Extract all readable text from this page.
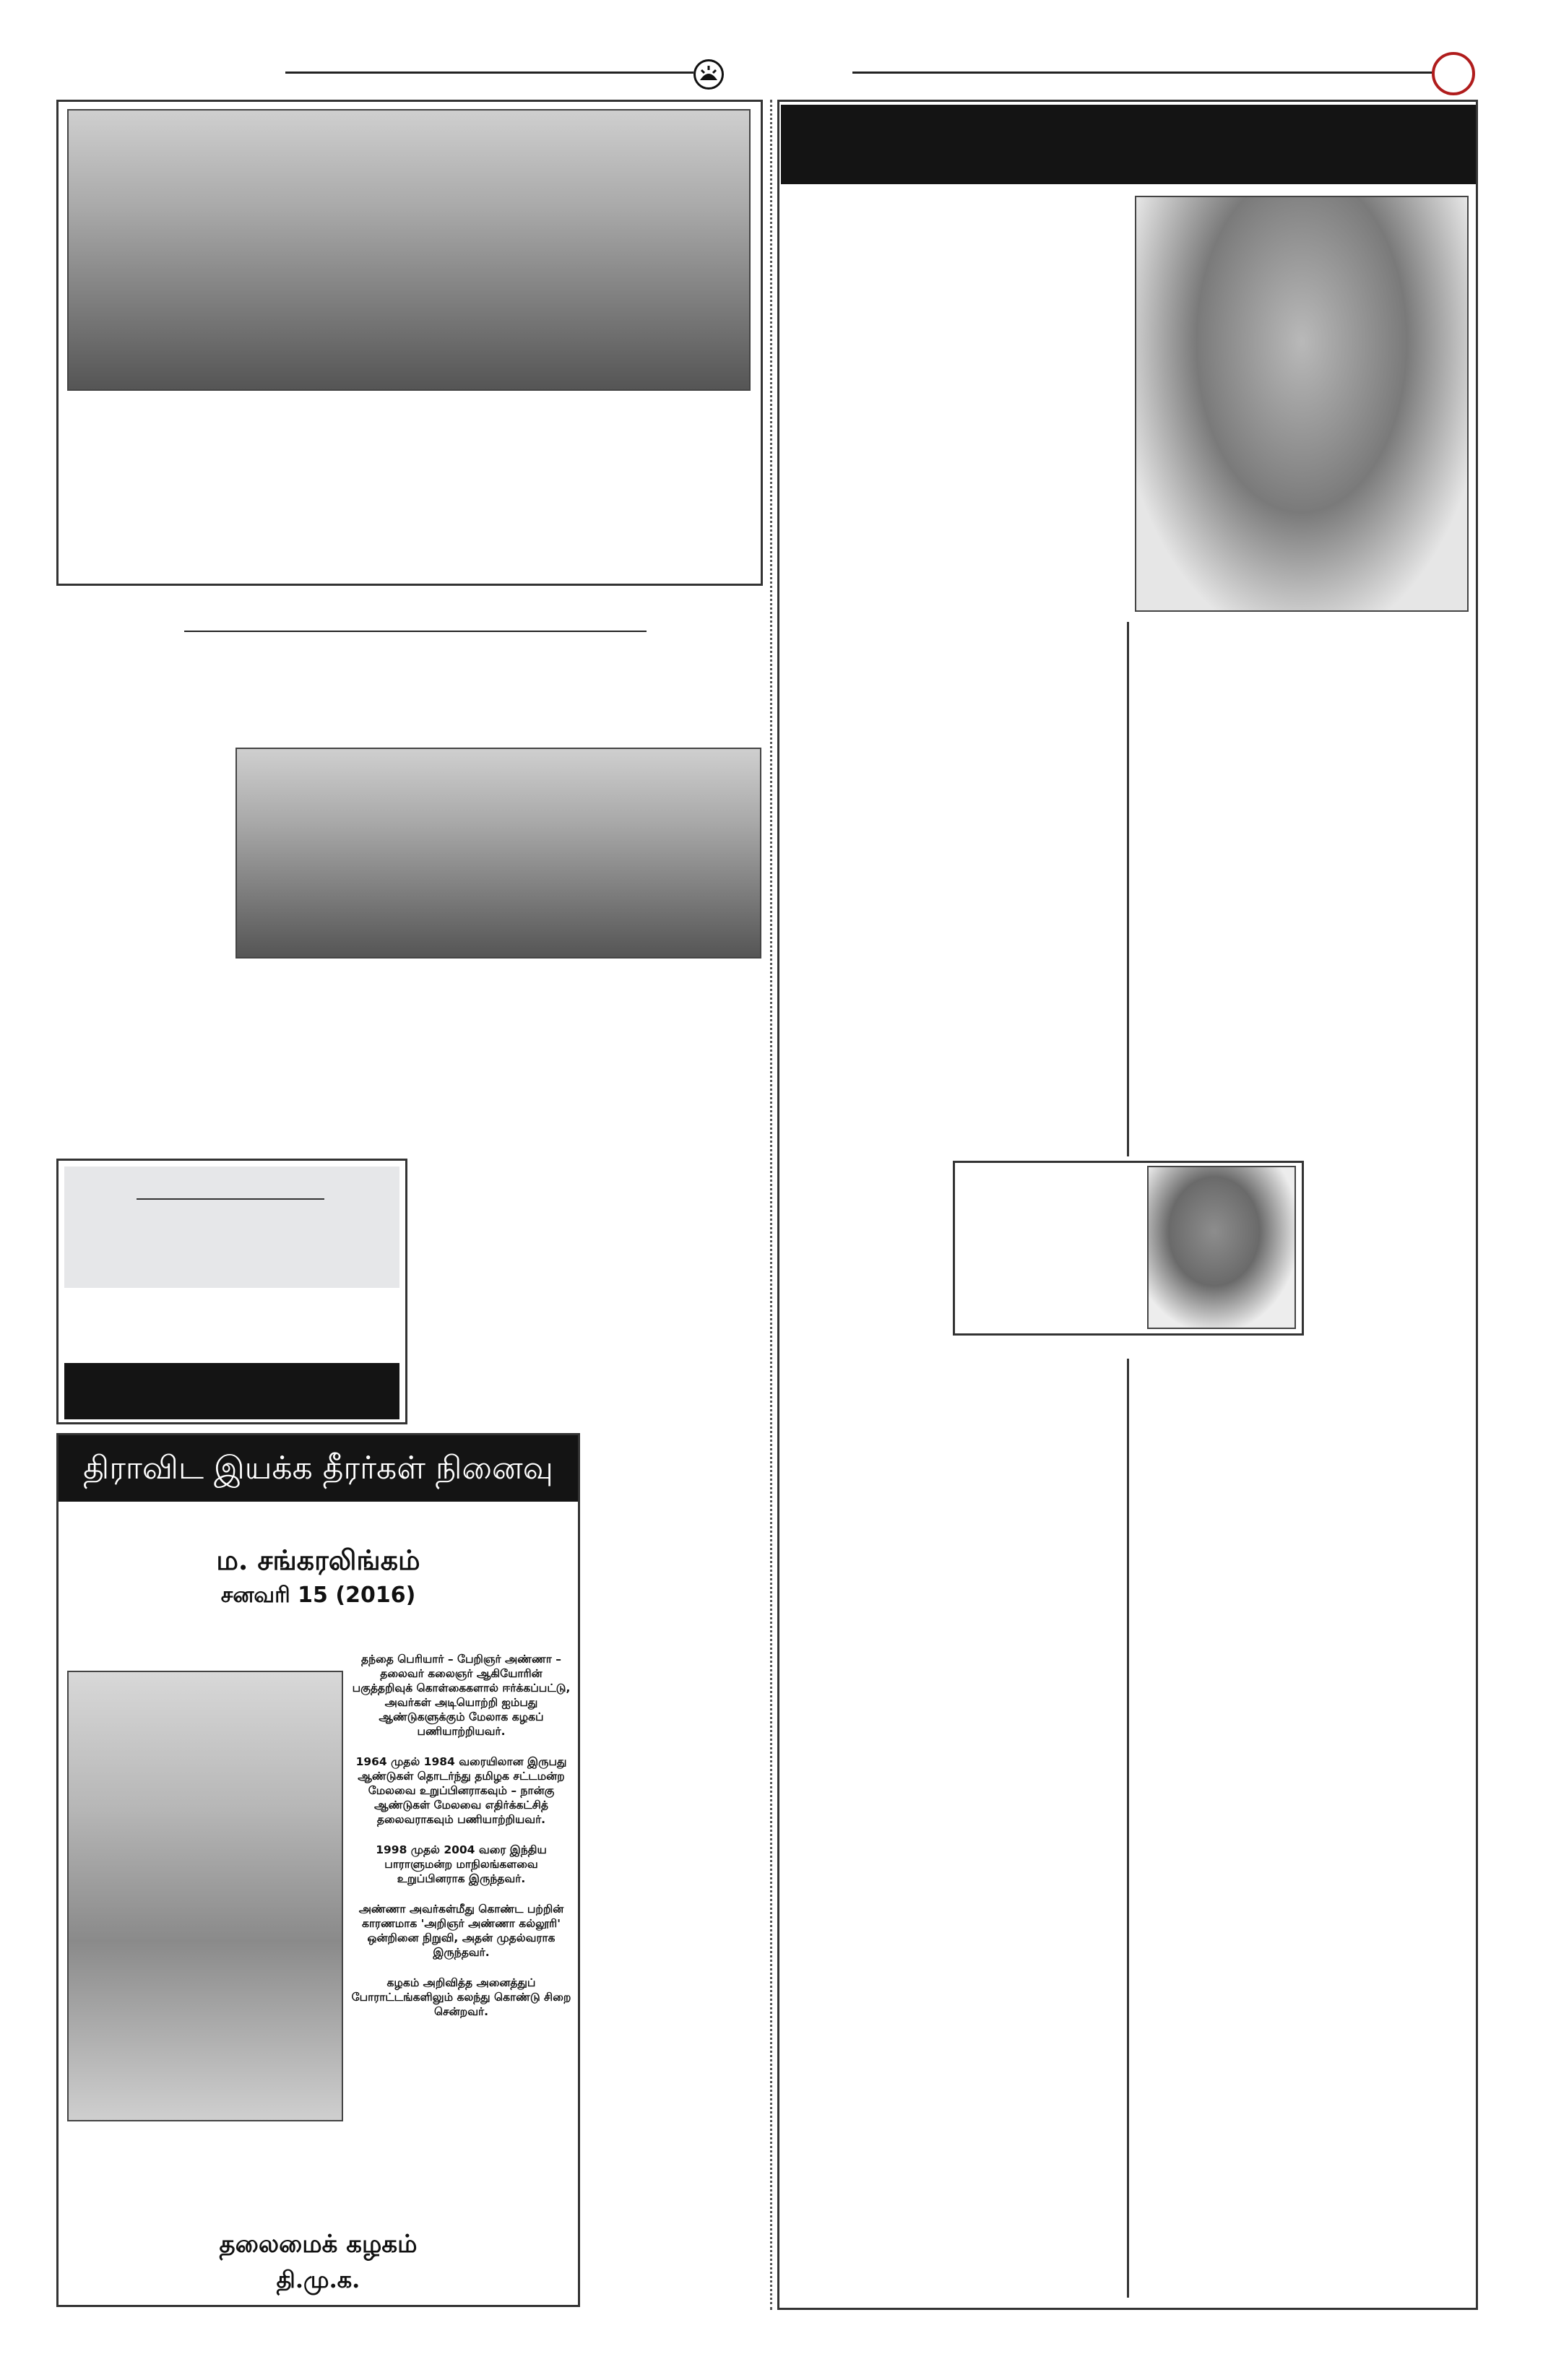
திராவிட இயக்க தீரர்கள் நினைவு நாள்
ம. சங்கரலிங்கம்
சனவரி 15 (2016)

தந்தை பெரியார் – பேறிஞர் அண்ணா – தலைவர் கலைஞர் ஆகியோரின் பகுத்தறிவுக் கொள்கைகளால் ஈர்க்கப்பட்டு, அவர்கள் அடியொற்றி ஐம்பது ஆண்டுகளுக்கும் மேலாக கழகப் பணியாற்றியவர்.

1964 முதல் 1984 வரையிலான இருபது ஆண்டுகள் தொடர்ந்து தமிழக சட்டமன்ற மேலவை உறுப்பினராகவும் – நான்கு ஆண்டுகள் மேலவை எதிர்க்கட்சித் தலைவராகவும் பணியாற்றியவர்.

1998 முதல் 2004 வரை இந்திய பாராளுமன்ற மாநிலங்களவை உறுப்பினராக இருந்தவர்.

அண்ணா அவர்கள்மீது கொண்ட பற்றின் காரணமாக 'அறிஞர் அண்ணா கல்லூரி' ஒன்றினை நிறுவி, அதன் முதல்வராக இருந்தவர்.

கழகம் அறிவித்த அனைத்துப் போராட்டங்களிலும் கலந்து கொண்டு சிறை சென்றவர்.

தலைமைக் கழகம்
தி.மு.க.
